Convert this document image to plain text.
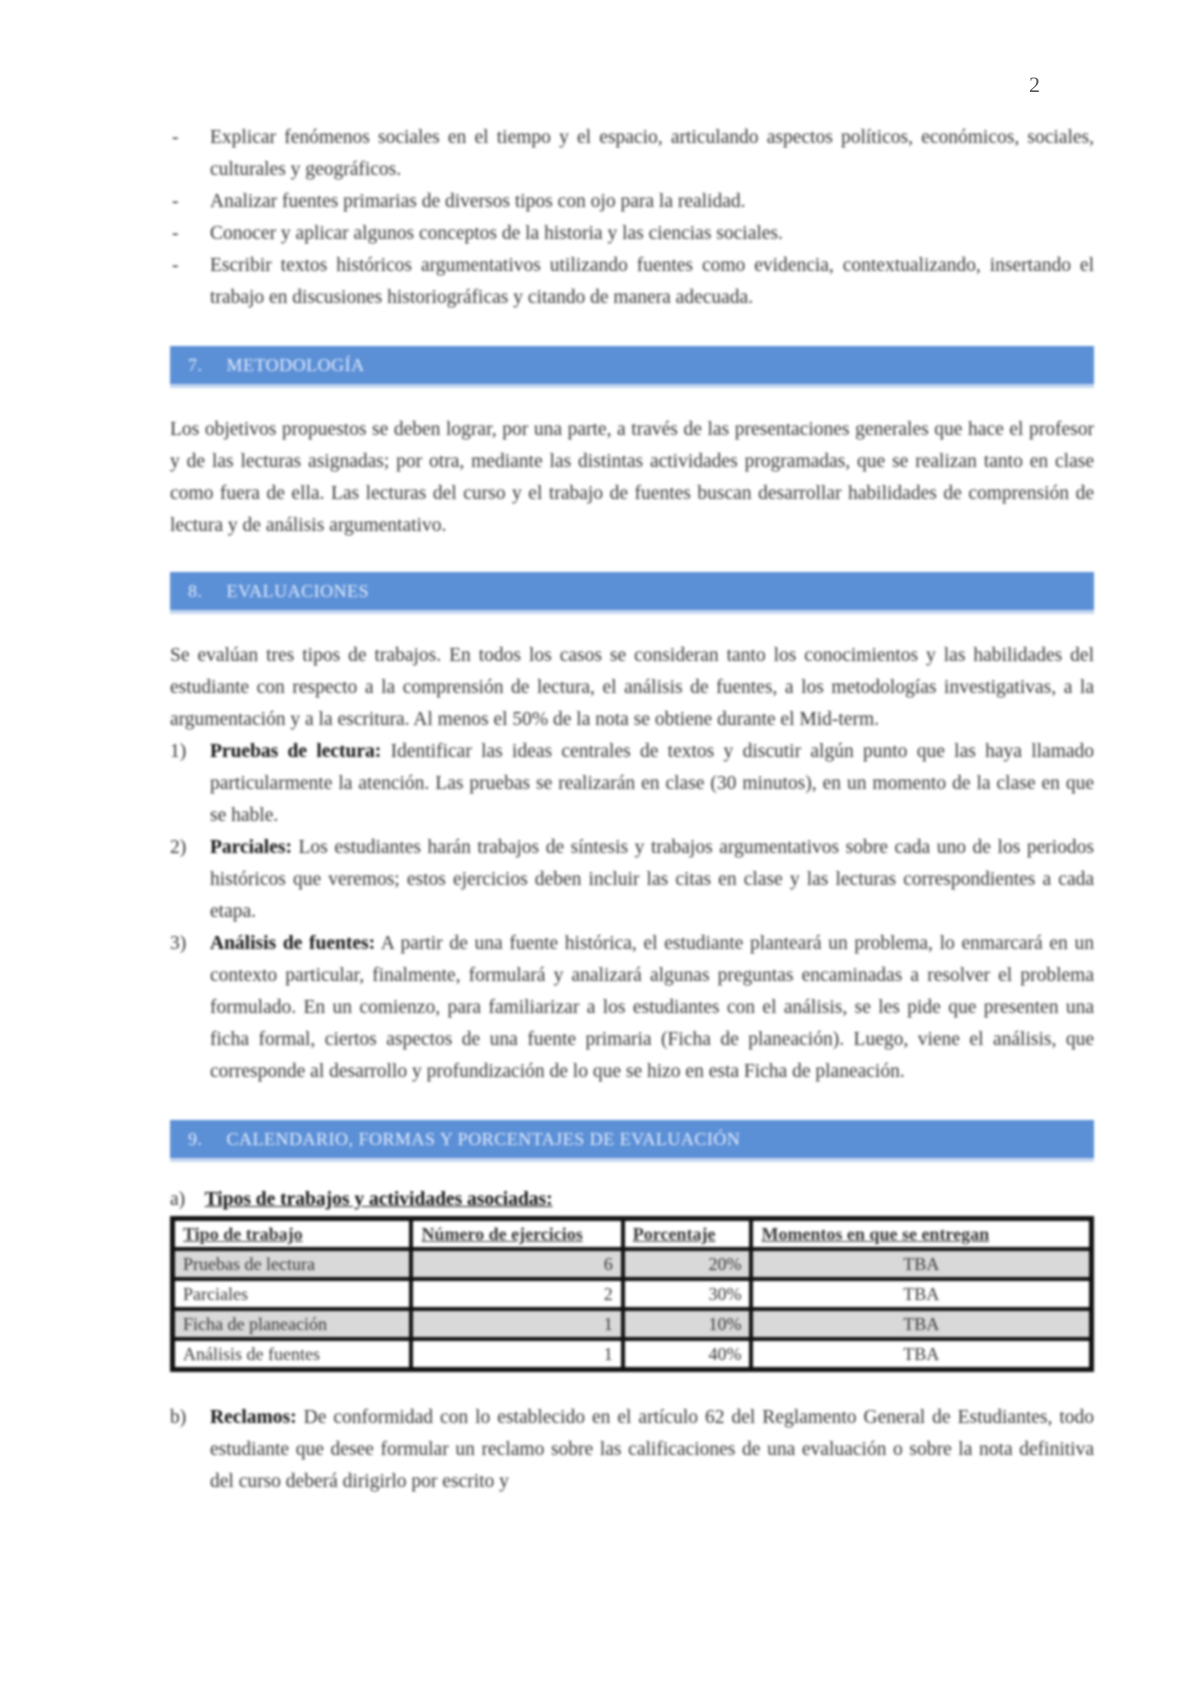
2
- Explicar fenómenos sociales en el tiempo y el espacio, articulando aspectos políticos, económicos, sociales, culturales y geográficos.
- Analizar fuentes primarias de diversos tipos con ojo para la realidad.
- Conocer y aplicar algunos conceptos de la historia y las ciencias sociales.
- Escribir textos históricos argumentativos utilizando fuentes como evidencia, contextualizando, insertando el trabajo en discusiones historiográficas y citando de manera adecuada.
7. METODOLOGÍA

Los objetivos propuestos se deben lograr, por una parte, a través de las presentaciones generales que hace el profesor y de las lecturas asignadas; por otra, mediante las distintas actividades programadas, que se realizan tanto en clase como fuera de ella. Las lecturas del curso y el trabajo de fuentes buscan desarrollar habilidades de comprensión de lectura y de análisis argumentativo.

8. EVALUACIONES

Se evalúan tres tipos de trabajos. En todos los casos se consideran tanto los conocimientos y las habilidades del estudiante con respecto a la comprensión de lectura, el análisis de fuentes, a los metodologías investigativas, a la argumentación y a la escritura. Al menos el 50% de la nota se obtiene durante el Mid-term.

1) Pruebas de lectura: Identificar las ideas centrales de textos y discutir algún punto que las haya llamado particularmente la atención. Las pruebas se realizarán en clase (30 minutos), en un momento de la clase en que se hable.
2) Parciales: Los estudiantes harán trabajos de síntesis y trabajos argumentativos sobre cada uno de los periodos históricos que veremos; estos ejercicios deben incluir las citas en clase y las lecturas correspondientes a cada etapa.
3) Análisis de fuentes: A partir de una fuente histórica, el estudiante planteará un problema, lo enmarcará en un contexto particular, finalmente, formulará y analizará algunas preguntas encaminadas a resolver el problema formulado. En un comienzo, para familiarizar a los estudiantes con el análisis, se les pide que presenten una ficha formal, ciertos aspectos de una fuente primaria (Ficha de planeación). Luego, viene el análisis, que corresponde al desarrollo y profundización de lo que se hizo en esta Ficha de planeación.
9. CALENDARIO, FORMAS Y PORCENTAJES DE EVALUACIÓN

a) Tipos de trabajos y actividades asociadas:

Tipo de trabajo	Número de ejercicios	Porcentaje	Momentos en que se entregan
Pruebas de lectura	6	20%	TBA
Parciales	2	30%	TBA
Ficha de planeación	1	10%	TBA
Análisis de fuentes	1	40%	TBA
b) Reclamos: De conformidad con lo establecido en el artículo 62 del Reglamento General de Estudiantes, todo estudiante que desee formular un reclamo sobre las calificaciones de una evaluación o sobre la nota definitiva del curso deberá dirigirlo por escrito y
